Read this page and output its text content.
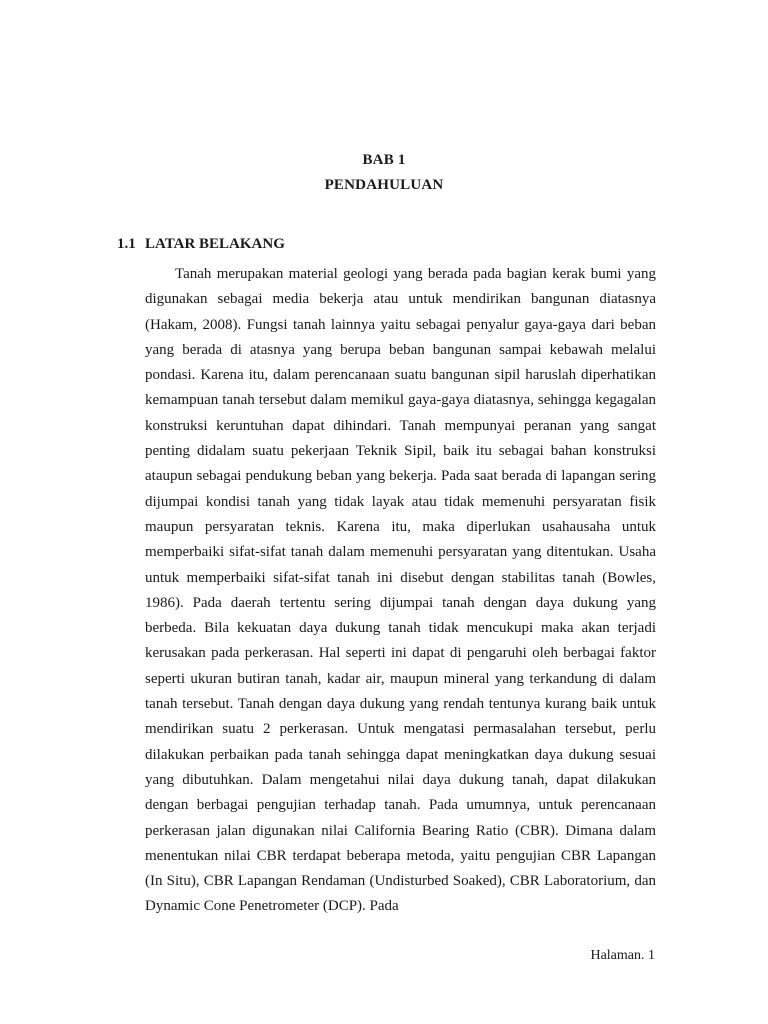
BAB 1
PENDAHULUAN
1.1 LATAR BELAKANG

Tanah merupakan material geologi yang berada pada bagian kerak bumi yang digunakan sebagai media bekerja atau untuk mendirikan bangunan diatasnya (Hakam, 2008). Fungsi tanah lainnya yaitu sebagai penyalur gaya-gaya dari beban yang berada di atasnya yang berupa beban bangunan sampai kebawah melalui pondasi. Karena itu, dalam perencanaan suatu bangunan sipil haruslah diperhatikan kemampuan tanah tersebut dalam memikul gaya-gaya diatasnya, sehingga kegagalan konstruksi keruntuhan dapat dihindari. Tanah mempunyai peranan yang sangat penting didalam suatu pekerjaan Teknik Sipil, baik itu sebagai bahan konstruksi ataupun sebagai pendukung beban yang bekerja. Pada saat berada di lapangan sering dijumpai kondisi tanah yang tidak layak atau tidak memenuhi persyaratan fisik maupun persyaratan teknis. Karena itu, maka diperlukan usahausaha untuk memperbaiki sifat-sifat tanah dalam memenuhi persyaratan yang ditentukan. Usaha untuk memperbaiki sifat-sifat tanah ini disebut dengan stabilitas tanah (Bowles, 1986). Pada daerah tertentu sering dijumpai tanah dengan daya dukung yang berbeda. Bila kekuatan daya dukung tanah tidak mencukupi maka akan terjadi kerusakan pada perkerasan. Hal seperti ini dapat di pengaruhi oleh berbagai faktor seperti ukuran butiran tanah, kadar air, maupun mineral yang terkandung di dalam tanah tersebut. Tanah dengan daya dukung yang rendah tentunya kurang baik untuk mendirikan suatu 2 perkerasan. Untuk mengatasi permasalahan tersebut, perlu dilakukan perbaikan pada tanah sehingga dapat meningkatkan daya dukung sesuai yang dibutuhkan. Dalam mengetahui nilai daya dukung tanah, dapat dilakukan dengan berbagai pengujian terhadap tanah. Pada umumnya, untuk perencanaan perkerasan jalan digunakan nilai California Bearing Ratio (CBR). Dimana dalam menentukan nilai CBR terdapat beberapa metoda, yaitu pengujian CBR Lapangan (In Situ), CBR Lapangan Rendaman (Undisturbed Soaked), CBR Laboratorium, dan Dynamic Cone Penetrometer (DCP). Pada

Halaman. 1
